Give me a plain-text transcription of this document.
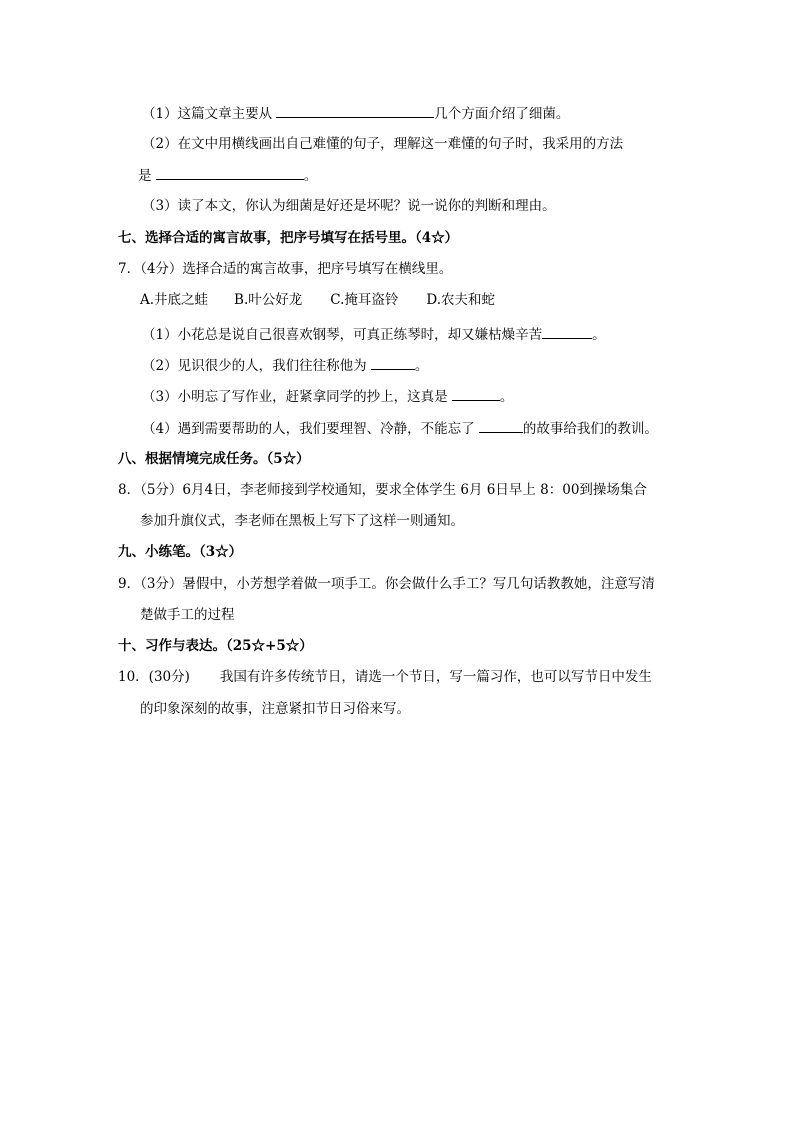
（1）这篇文章主要从	几个方面介绍了细菌。
（2）在文中用横线画出自己难懂的句子，理解这一难懂的句子时，我采用的方法
是	。
（3）读了本文，你认为细菌是好还是坏呢？说一说你的判断和理由。
七、选择合适的寓言故事，把序号填写在括号里。（4☆）
7．（4分）选择合适的寓言故事，把序号填写在横线里。
A.井底之蛙 B.叶公好龙 C.掩耳盗铃 D.农夫和蛇
（1）小花总是说自己很喜欢钢琴，可真正练琴时，却又嫌枯燥辛苦	。
（2）见识很少的人，我们往往称他为	。
（3）小明忘了写作业，赶紧拿同学的抄上，这真是	。
（4）遇到需要帮助的人，我们要理智、冷静，不能忘了	的故事给我们的教训。
八、根据情境完成任务。（5☆）
8．（5分）6月4日，李老师接到学校通知，要求全体学生 6月 6日早上 8：00到操场集合
参加升旗仪式，李老师在黑板上写下了这样一则通知。
九、小练笔。（3☆）
9．（3分）暑假中，小芳想学着做一项手工。你会做什么手工？写几句话教教她，注意写清
楚做手工的过程
十、习作与表达。（25☆+5☆）
10．(30分) 我国有许多传统节日，请选一个节日，写一篇习作，也可以写节日中发生
的印象深刻的故事，注意紧扣节日习俗来写。
